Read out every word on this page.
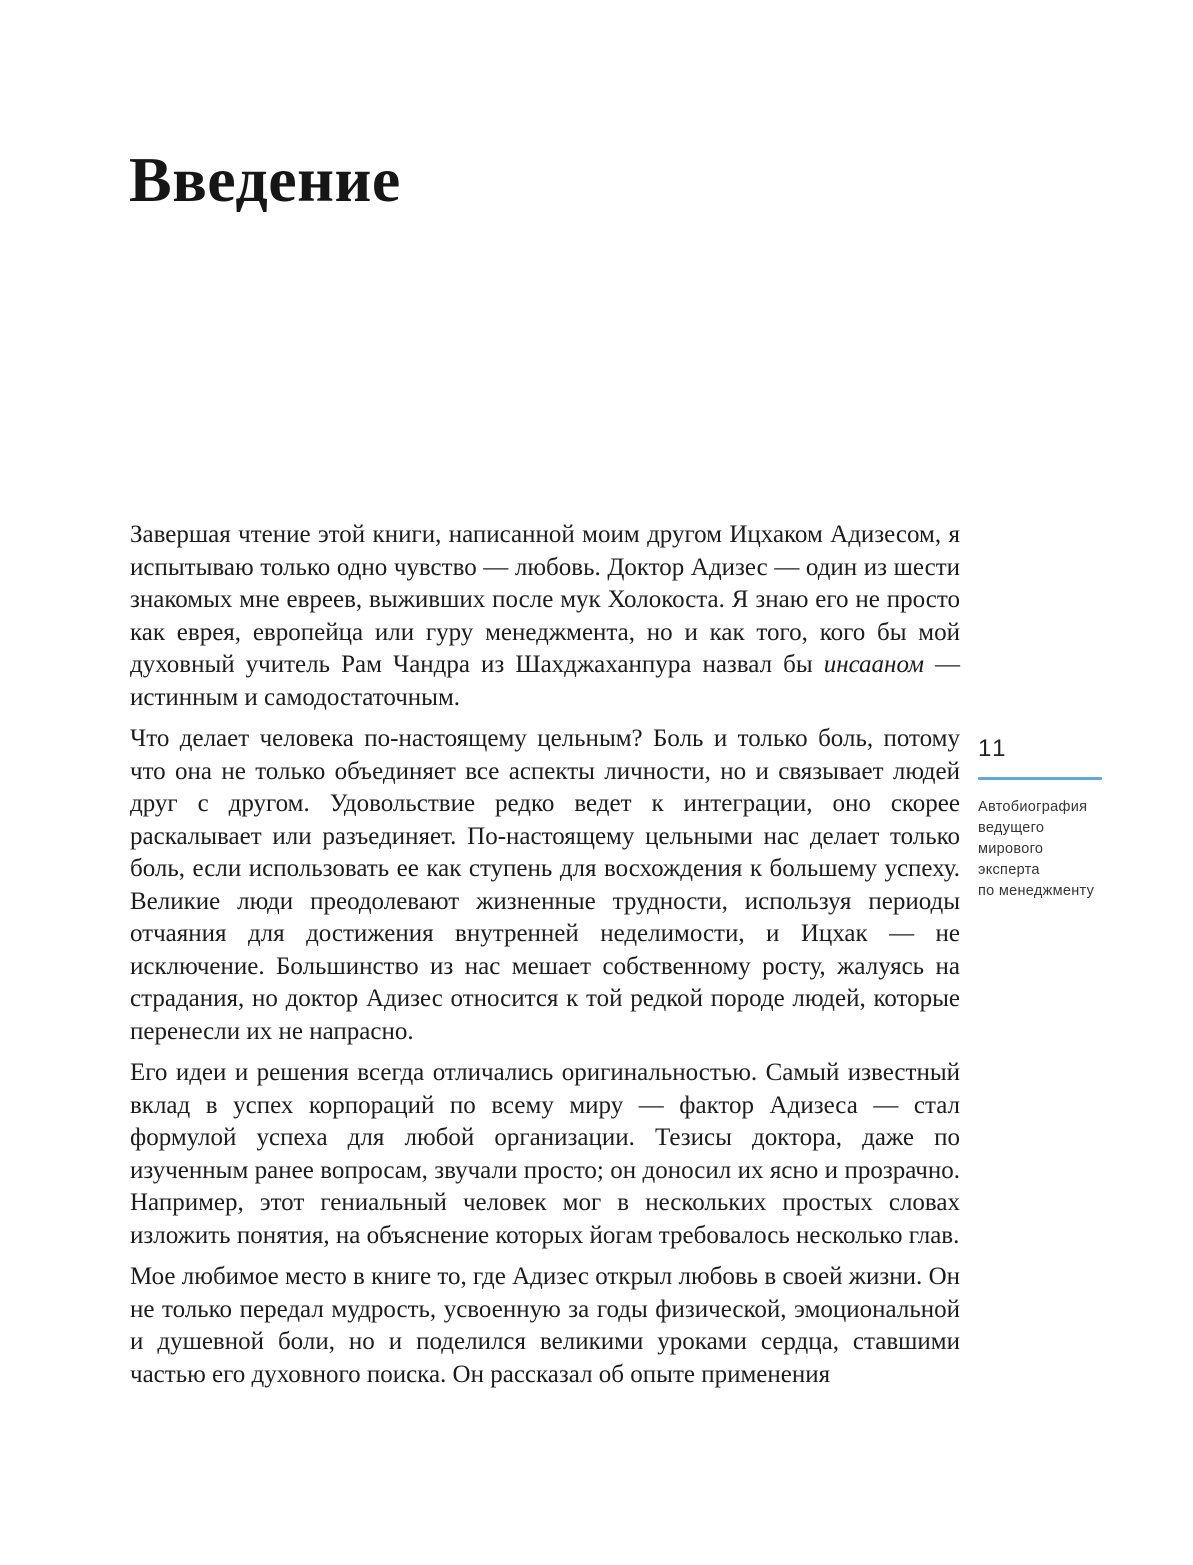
Введение

Завершая чтение этой книги, написанной моим другом Ицхаком Адизесом, я испытываю только одно чувство — любовь. Доктор Адизес — один из шести знакомых мне евреев, выживших после мук Холокоста. Я знаю его не просто как еврея, европейца или гуру менеджмента, но и как того, кого бы мой духовный учитель Рам Чандра из Шахджаханпура назвал бы инсааном — истинным и самодостаточным.

Что делает человека по-настоящему цельным? Боль и только боль, потому что она не только объединяет все аспекты личности, но и связывает людей друг с другом. Удовольствие редко ведет к интеграции, оно скорее раскалывает или разъединяет. По-настоящему цельными нас делает только боль, если использовать ее как ступень для восхождения к большему успеху. Великие люди преодолевают жизненные трудности, используя периоды отчаяния для достижения внутренней неделимости, и Ицхак — не исключение. Большинство из нас мешает собственному росту, жалуясь на страдания, но доктор Адизес относится к той редкой породе людей, которые перенесли их не напрасно.

Его идеи и решения всегда отличались оригинальностью. Самый известный вклад в успех корпораций по всему миру — фактор Адизеса — стал формулой успеха для любой организации. Тезисы доктора, даже по изученным ранее вопросам, звучали просто; он доносил их ясно и прозрачно. Например, этот гениальный человек мог в нескольких простых словах изложить понятия, на объяснение которых йогам требовалось несколько глав.

Мое любимое место в книге то, где Адизес открыл любовь в своей жизни. Он не только передал мудрость, усвоенную за годы физической, эмоциональной и душевной боли, но и поделился великими уроками сердца, ставшими частью его духовного поиска. Он рассказал об опыте применения

11
Автобиография
ведущего
мирового
эксперта
по менеджменту
